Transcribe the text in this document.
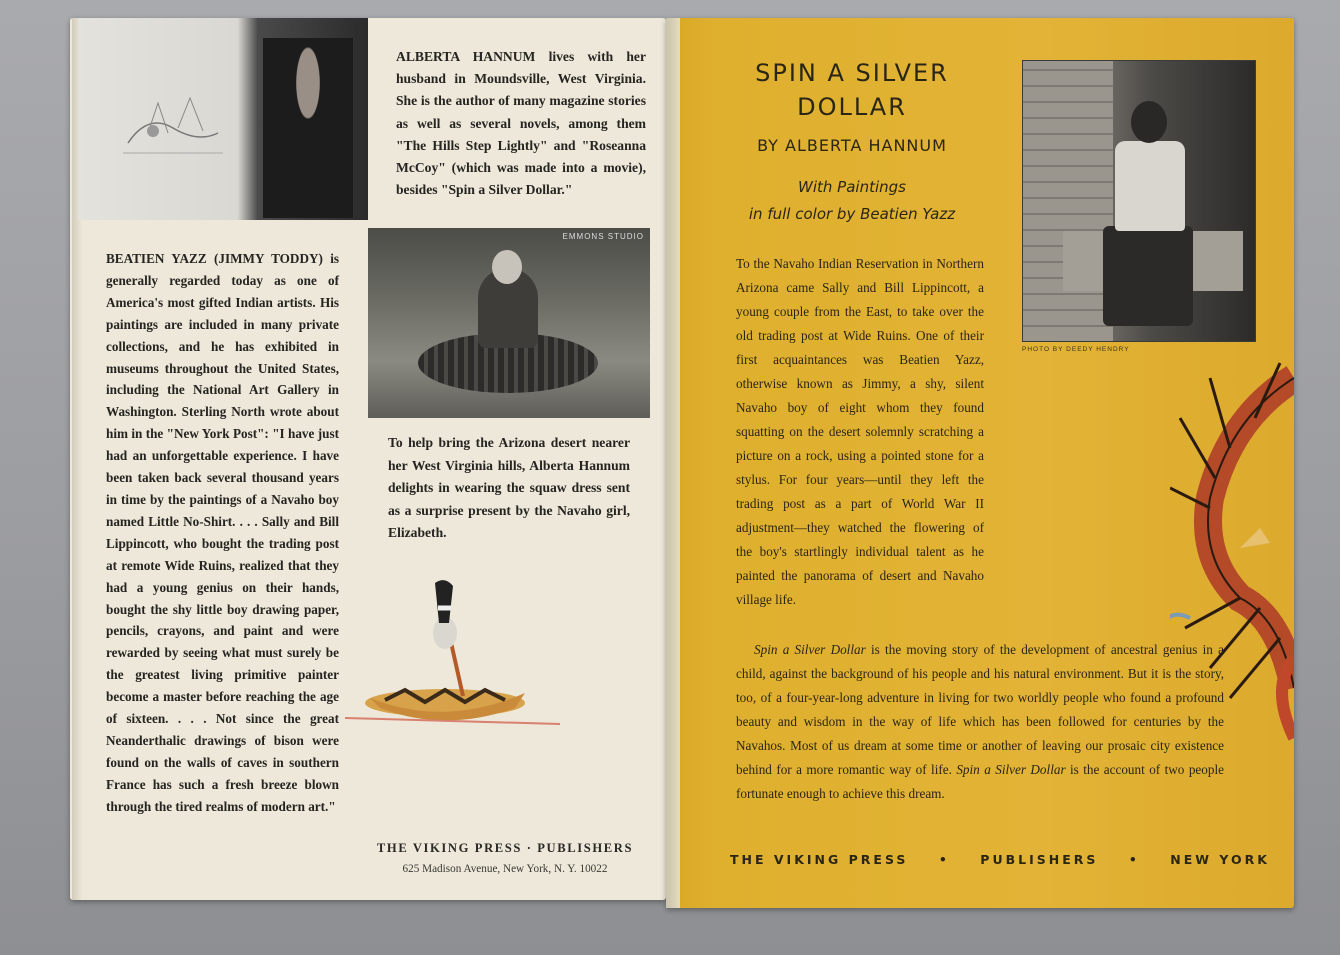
ALBERTA HANNUM lives with her husband in Moundsville, West Virginia. She is the author of many magazine stories as well as several novels, among them "The Hills Step Lightly" and "Roseanna McCoy" (which was made into a movie), besides "Spin a Silver Dollar."
EMMONS STUDIO
To help bring the Arizona desert nearer her West Virginia hills, Alberta Hannum delights in wearing the squaw dress sent as a surprise present by the Navaho girl, Elizabeth.
BEATIEN YAZZ (JIMMY TODDY) is generally regarded today as one of America's most gifted Indian artists. His paintings are included in many private collections, and he has exhibited in museums throughout the United States, including the National Art Gallery in Washington. Sterling North wrote about him in the "New York Post": "I have just had an unforgettable experience. I have been taken back several thousand years in time by the paintings of a Navaho boy named Little No-Shirt. . . . Sally and Bill Lippincott, who bought the trading post at remote Wide Ruins, realized that they had a young genius on their hands, bought the shy little boy drawing paper, pencils, crayons, and paint and were rewarded by seeing what must surely be the greatest living primitive painter become a master before reaching the age of sixteen. . . . Not since the great Neanderthalic drawings of bison were found on the walls of caves in southern France has such a fresh breeze blown through the tired realms of modern art."
THE VIKING PRESS · PUBLISHERS
625 Madison Avenue, New York, N. Y. 10022
SPIN A SILVER DOLLAR
BY ALBERTA HANNUM
With Paintings
in full color by Beatien Yazz
PHOTO BY DEEDY HENDRY
To the Navaho Indian Reservation in Northern Arizona came Sally and Bill Lippincott, a young couple from the East, to take over the old trading post at Wide Ruins. One of their first acquaintances was Beatien Yazz, otherwise known as Jimmy, a shy, silent Navaho boy of eight whom they found squatting on the desert solemnly scratching a picture on a rock, using a pointed stone for a stylus. For four years—until they left the trading post as a part of World War II adjustment—they watched the flowering of the boy's startlingly individual talent as he painted the panorama of desert and Navaho village life.
Spin a Silver Dollar is the moving story of the development of ancestral genius in a child, against the background of his people and his natural environment. But it is the story, too, of a four-year-long adventure in living for two worldly people who found a profound beauty and wisdom in the way of life which has been followed for centuries by the Navahos. Most of us dream at some time or another of leaving our prosaic city existence behind for a more romantic way of life. Spin a Silver Dollar is the account of two people fortunate enough to achieve this dream.
THE VIKING PRESS • PUBLISHERS • NEW YORK
